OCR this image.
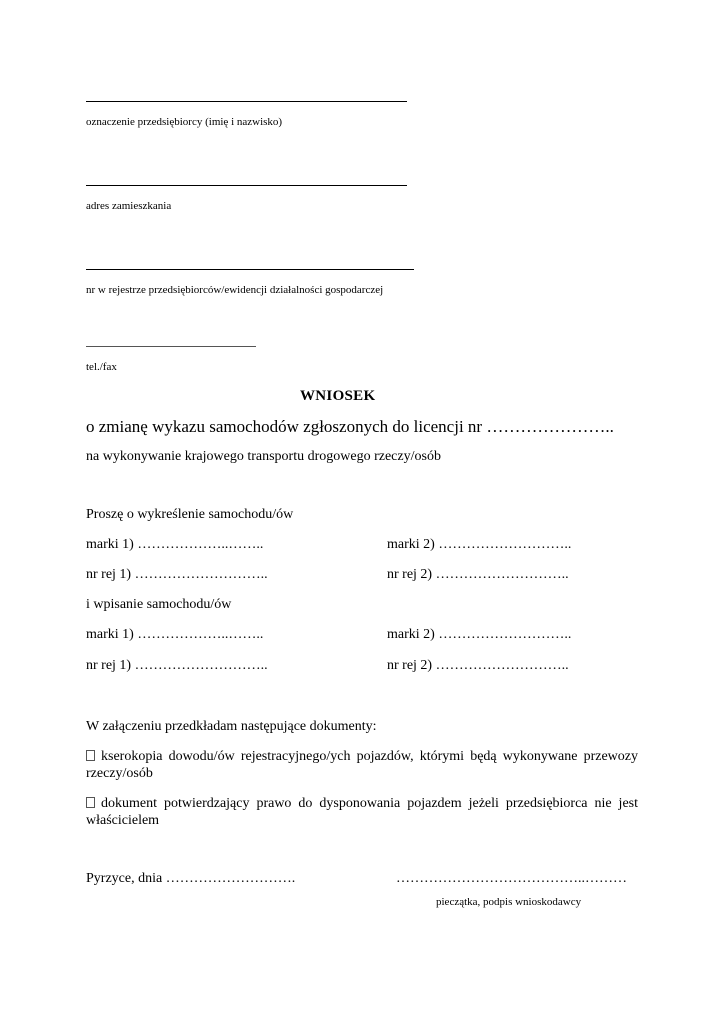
oznaczenie przedsiębiorcy (imię i nazwisko)
adres zamieszkania
nr w rejestrze przedsiębiorców/ewidencji działalności gospodarczej
tel./fax
WNIOSEK
o zmianę wykazu samochodów zgłoszonych do licencji nr …………………..
na wykonywanie krajowego transportu drogowego rzeczy/osób
Proszę o wykreślenie samochodu/ów
marki 1) ………………..……..	marki 2) ………………………..
nr rej 1) ………………………..	nr rej 2) ………………………..
i wpisanie samochodu/ów
marki 1) ………………..……..	marki 2) ………………………..
nr rej 1) ………………………..	nr rej 2) ………………………..
W załączeniu przedkładam następujące dokumenty:
kserokopia dowodu/ów rejestracyjnego/ych pojazdów, którymi będą wykonywane przewozy rzeczy/osób
dokument potwierdzający prawo do dysponowania pojazdem jeżeli przedsiębiorca nie jest właścicielem
Pyrzyce, dnia ……………………….	…………………………………..………
pieczątka, podpis wnioskodawcy
